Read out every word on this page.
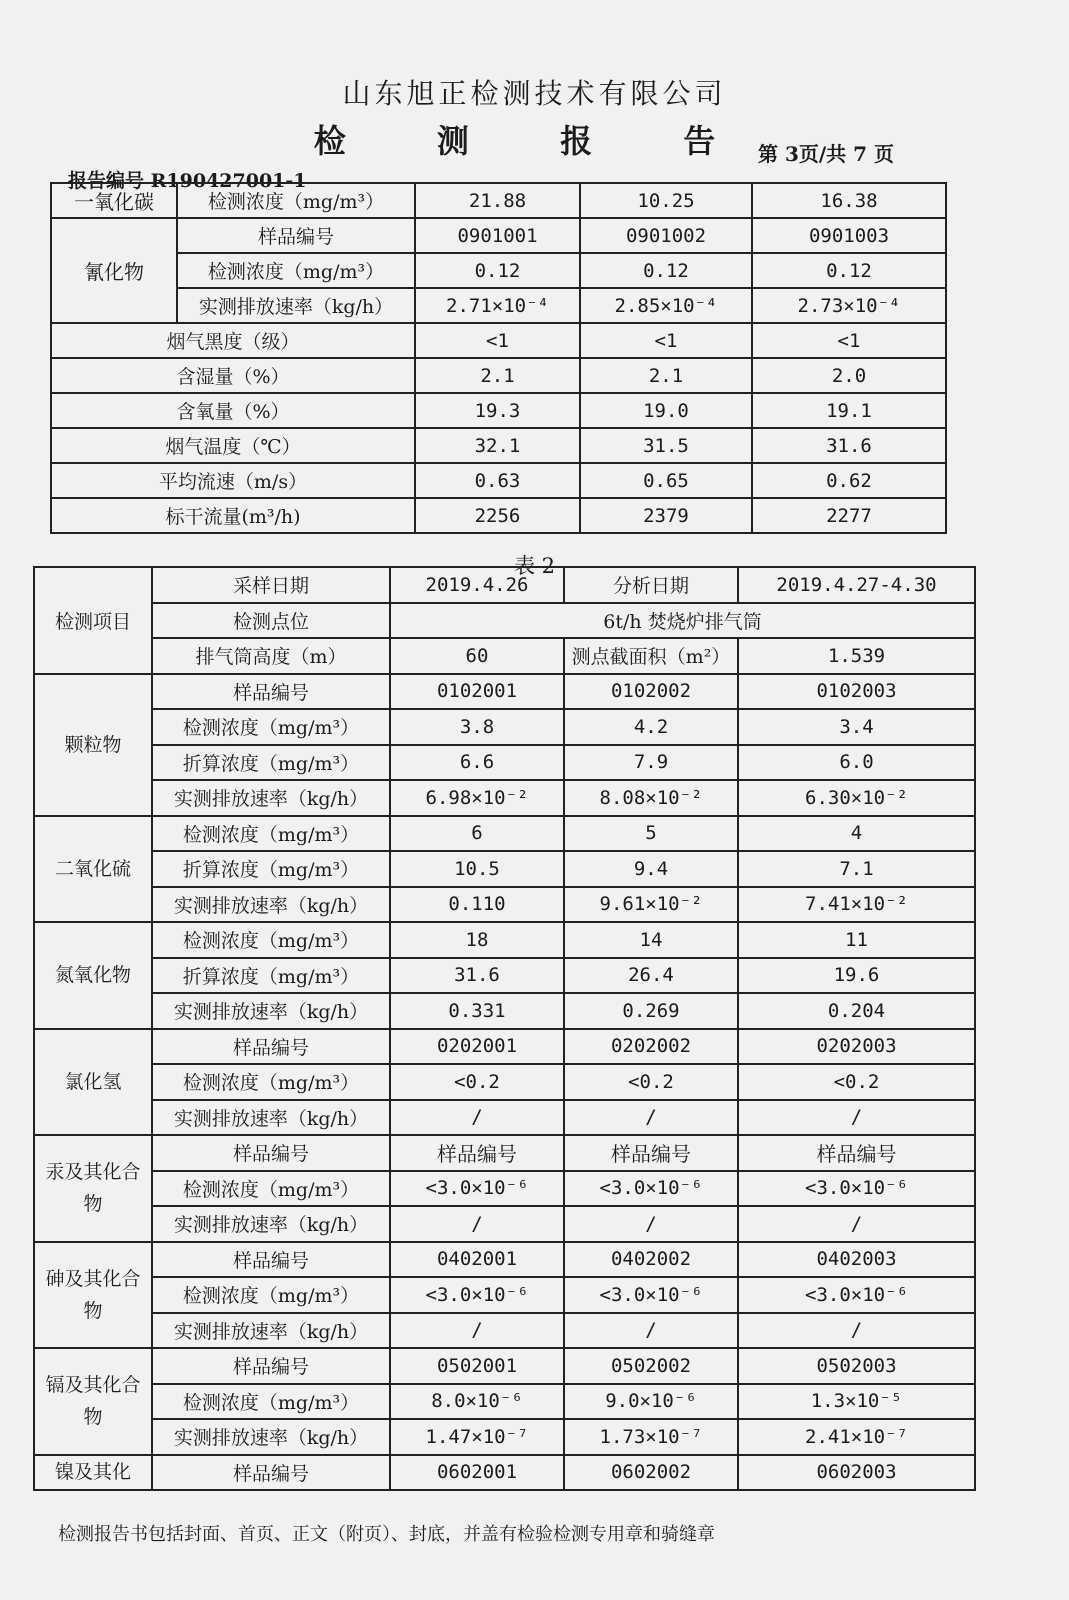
山东旭正检测技术有限公司
检 测 报 告 第 3页/共 7 页
报告编号 R190427001-1
一氧化碳	检测浓度（mg/m³）	21.88	10.25	16.38
氰化物	样品编号	0901001	0901002	0901003
	检测浓度（mg/m³）	0.12	0.12	0.12
	实测排放速率（kg/h）	2.71×10⁻⁴	2.85×10⁻⁴	2.73×10⁻⁴
烟气黑度（级）		<1	<1	<1
含湿量（%）		2.1	2.1	2.0
含氧量（%）		19.3	19.0	19.1
烟气温度（℃）		32.1	31.5	31.6
平均流速（m/s）		0.63	0.65	0.62
标干流量(m³/h)		2256	2379	2277
表 2
检测项目	采样日期	2019.4.26	分析日期	2019.4.27-4.30
	检测点位	6t/h 焚烧炉排气筒		
	排气筒高度（m）	60	测点截面积（m²）	1.539
颗粒物	样品编号	0102001	0102002	0102003
	检测浓度（mg/m³）	3.8	4.2	3.4
	折算浓度（mg/m³）	6.6	7.9	6.0
	实测排放速率（kg/h）	6.98×10⁻²	8.08×10⁻²	6.30×10⁻²
二氧化硫	检测浓度（mg/m³）	6	5	4
	折算浓度（mg/m³）	10.5	9.4	7.1
	实测排放速率（kg/h）	0.110	9.61×10⁻²	7.41×10⁻²
氮氧化物	检测浓度（mg/m³）	18	14	11
	折算浓度（mg/m³）	31.6	26.4	19.6
	实测排放速率（kg/h）	0.331	0.269	0.204
氯化氢	样品编号	0202001	0202002	0202003
	检测浓度（mg/m³）	<0.2	<0.2	<0.2
	实测排放速率（kg/h）	/	/	/
汞及其化合物	样品编号	样品编号	样品编号	样品编号
	检测浓度（mg/m³）	<3.0×10⁻⁶	<3.0×10⁻⁶	<3.0×10⁻⁶
	实测排放速率（kg/h）	/	/	/
砷及其化合物	样品编号	0402001	0402002	0402003
	检测浓度（mg/m³）	<3.0×10⁻⁶	<3.0×10⁻⁶	<3.0×10⁻⁶
	实测排放速率（kg/h）	/	/	/
镉及其化合物	样品编号	0502001	0502002	0502003
	检测浓度（mg/m³）	8.0×10⁻⁶	9.0×10⁻⁶	1.3×10⁻⁵
	实测排放速率（kg/h）	1.47×10⁻⁷	1.73×10⁻⁷	2.41×10⁻⁷
镍及其化	样品编号	0602001	0602002	0602003
检测报告书包括封面、首页、正文（附页）、封底，并盖有检验检测专用章和骑缝章
